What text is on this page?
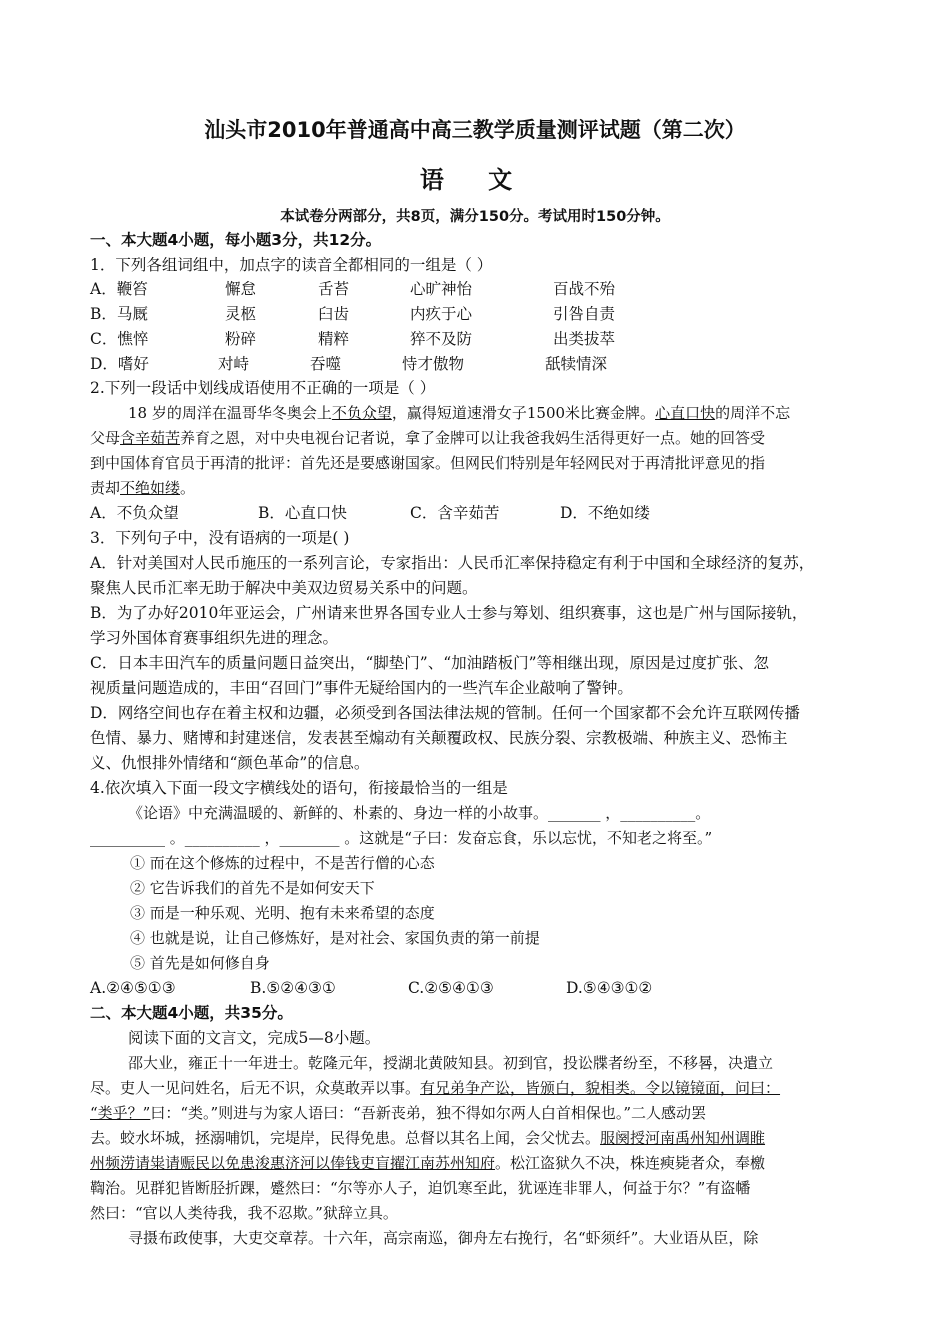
汕头市2010年普通高中高三教学质量测评试题（第二次）
语 文
本试卷分两部分，共8页，满分150分。考试用时150分钟。
一、本大题4小题，每小题3分，共12分。
1．下列各组词组中，加点字的读音全都相同的一组是（ ）
A．鞭笞	懈怠	舌苔	心旷神怡	百战不殆
B．马厩	灵柩	臼齿	内疚于心	引咎自责
C．憔悴	粉碎	精粹	猝不及防	出类拔萃
D．嗜好	对峙	吞噬	恃才傲物	舐犊情深
2.下列一段话中划线成语使用不正确的一项是（ ）
18 岁的周洋在温哥华冬奥会上不负众望，赢得短道速滑女子1500米比赛金牌。心直口快的周洋不忘
父母含辛茹苦养育之恩，对中央电视台记者说，拿了金牌可以让我爸我妈生活得更好一点。她的回答受
到中国体育官员于再清的批评：首先还是要感谢国家。但网民们特别是年轻网民对于再清批评意见的指
责却不绝如缕。
A．不负众望	B．心直口快	C．含辛茹苦	D．不绝如缕
3．下列句子中，没有语病的一项是( )
A．针对美国对人民币施压的一系列言论，专家指出：人民币汇率保持稳定有利于中国和全球经济的复苏，
聚焦人民币汇率无助于解决中美双边贸易关系中的问题。
B．为了办好2010年亚运会，广州请来世界各国专业人士参与筹划、组织赛事，这也是广州与国际接轨，
学习外国体育赛事组织先进的理念。
C．日本丰田汽车的质量问题日益突出，“脚垫门”、“加油踏板门”等相继出现，原因是过度扩张、忽
视质量问题造成的，丰田“召回门”事件无疑给国内的一些汽车企业敲响了警钟。
D．网络空间也存在着主权和边疆，必须受到各国法律法规的管制。任何一个国家都不会允许互联网传播
色情、暴力、赌博和封建迷信，发表甚至煽动有关颠覆政权、民族分裂、宗教极端、种族主义、恐怖主
义、仇恨排外情绪和“颜色革命”的信息。
4.依次填入下面一段文字横线处的语句，衔接最恰当的一组是
《论语》中充满温暖的、新鲜的、朴素的、身边一样的小故事。_______ ，__________。
__________ 。__________ ，________ 。这就是“子曰：发奋忘食，乐以忘忧，不知老之将至。”
① 而在这个修炼的过程中，不是苦行僧的心态
② 它告诉我们的首先不是如何安天下
③ 而是一种乐观、光明、抱有未来希望的态度
④ 也就是说，让自己修炼好，是对社会、家国负责的第一前提
⑤ 首先是如何修自身
A.②④⑤①③	B.⑤②④③①	C.②⑤④①③	D.⑤④③①②
二、本大题4小题，共35分。
阅读下面的文言文，完成5—8小题。
邵大业，雍正十一年进士。乾隆元年，授湖北黄陂知县。初到官，投讼牒者纷至，不移晷，决遣立
尽。吏人一见问姓名，后无不识，众莫敢弄以事。有兄弟争产讼，皆颁白，貌相类。令以镜镜面，问曰：
“类乎？”曰：“类。”则进与为家人语曰：“吾新丧弟，独不得如尔两人白首相保也。”二人感动罢
去。蛟水坏城，拯溺哺饥，完堤岸，民得免患。总督以其名上闻，会父忧去。服阕授河南禹州知州调睢
州频涝请粜请赈民以免患浚惠济河以俸钱吏盲擢江南苏州知府。松江盗狱久不决，株连瘐毙者众，奉檄
鞫治。见群犯皆断胫折踝，蹙然曰：“尔等亦人子，迫饥寒至此，犹诬连非罪人，何益于尔？”有盗幡
然曰：“官以人类待我，我不忍欺。”狱辞立具。
寻摄布政使事，大吏交章荐。十六年，高宗南巡，御舟左右挽行，名“虾须纤”。大业语从臣，除
